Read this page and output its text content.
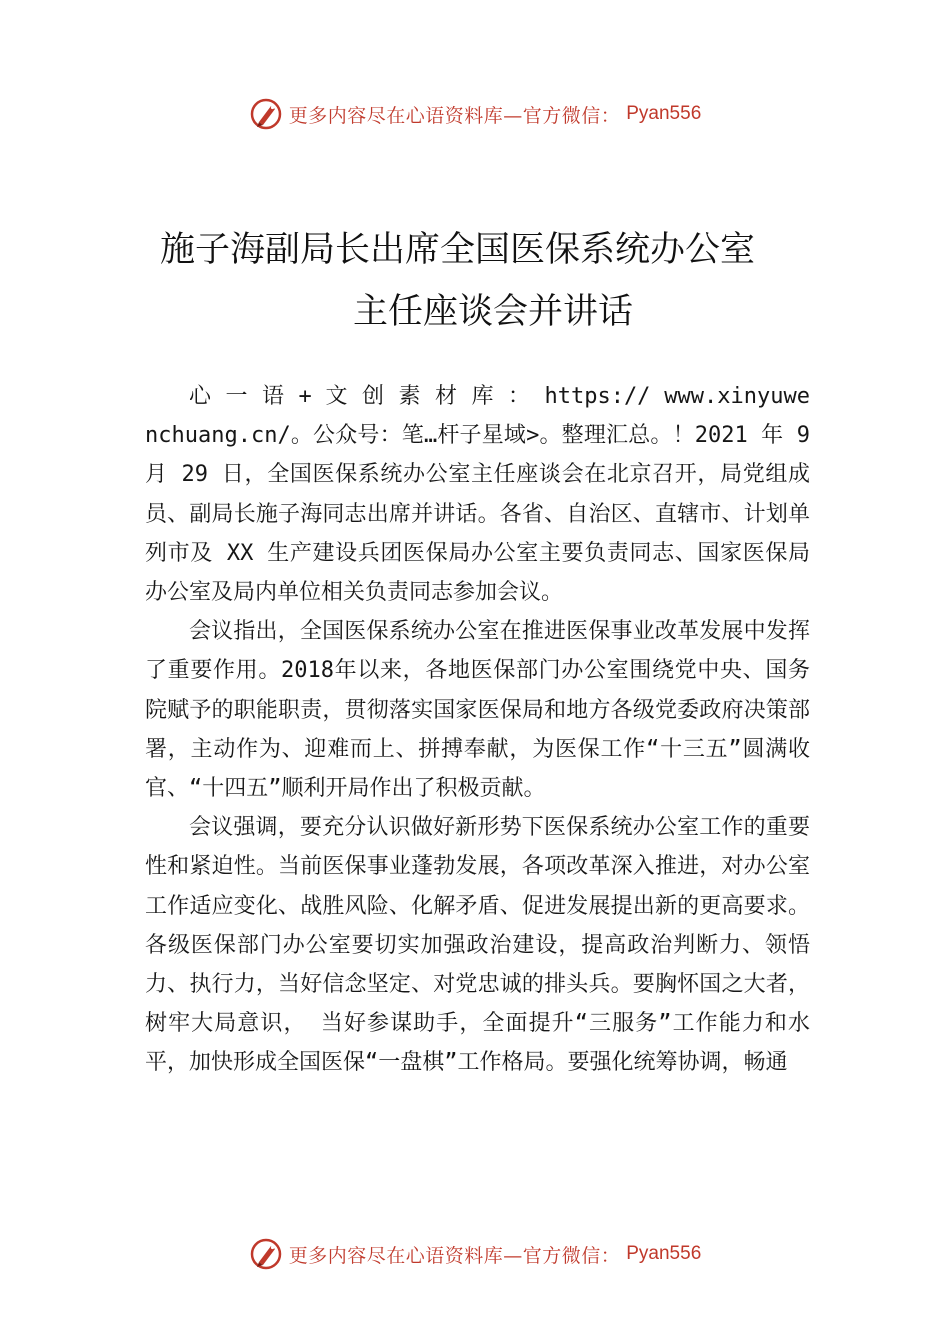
更多内容尽在心语资料库—官方微信： Pyan556
施子海副局长出席全国医保系统办公室
主任座谈会并讲话

心 一 语 + 文 创 素 材 库 ： https:// www.xinyuwenchuang.cn/。公众号：笔…杆子星域>。整理汇总。！2021 年 9 月 29 日，全国医保系统办公室主任座谈会在北京召开，局党组成员、副局长施子海同志出席并讲话。各省、自治区、直辖市、计划单列市及 XX 生产建设兵团医保局办公室主要负责同志、国家医保局办公室及局内单位相关负责同志参加会议。

会议指出，全国医保系统办公室在推进医保事业改革发展中发挥了重要作用。2018年以来，各地医保部门办公室围绕党中央、国务院赋予的职能职责，贯彻落实国家医保局和地方各级党委政府决策部署，主动作为、迎难而上、拼搏奉献，为医保工作“十三五”圆满收官、“十四五”顺利开局作出了积极贡献。

会议强调，要充分认识做好新形势下医保系统办公室工作的重要性和紧迫性。当前医保事业蓬勃发展，各项改革深入推进，对办公室工作适应变化、战胜风险、化解矛盾、促进发展提出新的更高要求。各级医保部门办公室要切实加强政治建设，提高政治判断力、领悟力、执行力，当好信念坚定、对党忠诚的排头兵。要胸怀国之大者，树牢大局意识， 当好参谋助手，全面提升“三服务”工作能力和水平，加快形成全国医保“一盘棋”工作格局。要强化统筹协调，畅通

更多内容尽在心语资料库—官方微信： Pyan556
